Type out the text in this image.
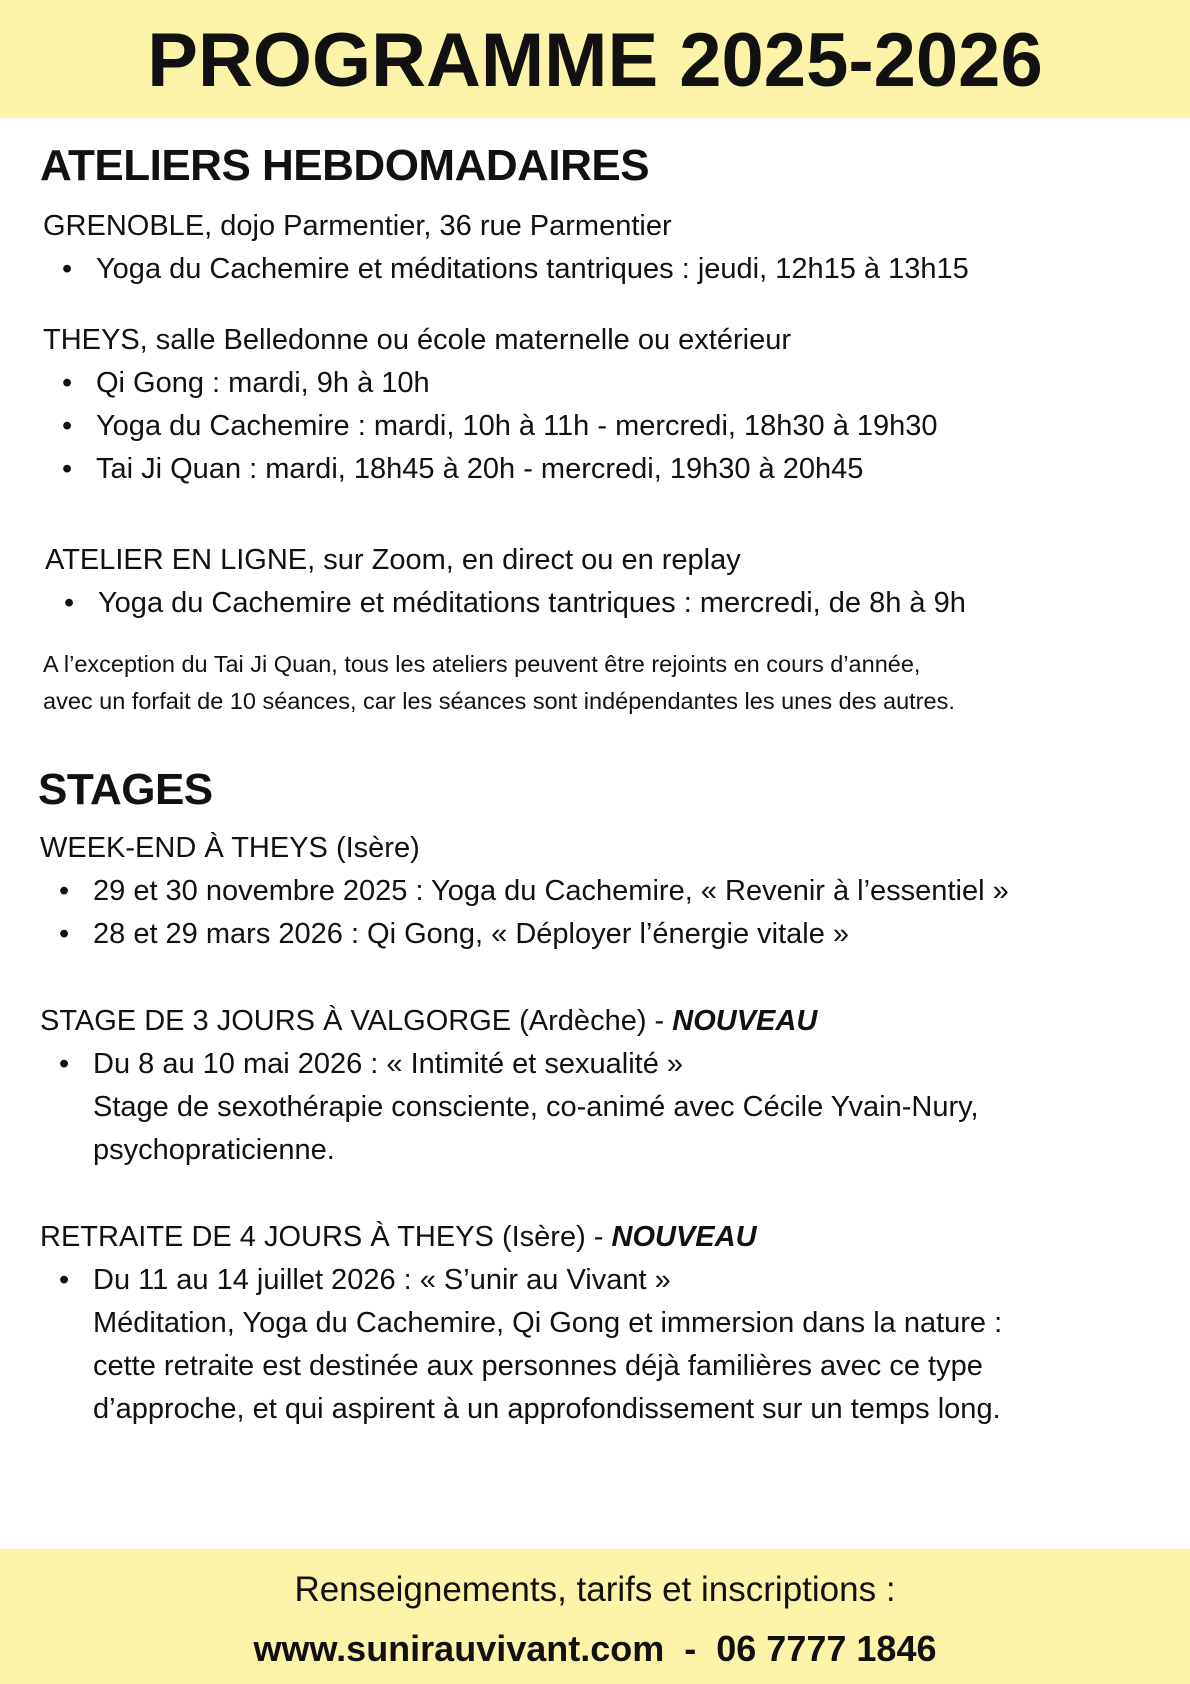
PROGRAMME 2025-2026
ATELIERS HEBDOMADAIRES

GRENOBLE, dojo Parmentier, 36 rue Parmentier

• Yoga du Cachemire et méditations tantriques : jeudi, 12h15 à 13h15

THEYS, salle Belledonne ou école maternelle ou extérieur

• Qi Gong : mardi, 9h à 10h
• Yoga du Cachemire : mardi, 10h à 11h - mercredi, 18h30 à 19h30
• Tai Ji Quan : mardi, 18h45 à 20h - mercredi, 19h30 à 20h45

ATELIER EN LIGNE, sur Zoom, en direct ou en replay

• Yoga du Cachemire et méditations tantriques : mercredi, de 8h à 9h

A l’exception du Tai Ji Quan, tous les ateliers peuvent être rejoints en cours d’année,

avec un forfait de 10 séances, car les séances sont indépendantes les unes des autres.

STAGES

WEEK-END À THEYS (Isère)

• 29 et 30 novembre 2025 : Yoga du Cachemire, « Revenir à l’essentiel »
• 28 et 29 mars 2026 : Qi Gong, « Déployer l’énergie vitale »

STAGE DE 3 JOURS À VALGORGE (Ardèche) - NOUVEAU

• Du 8 au 10 mai 2026 : « Intimité et sexualité »
Stage de sexothérapie consciente, co-animé avec Cécile Yvain-Nury,
psychopraticienne.

RETRAITE DE 4 JOURS À THEYS (Isère) - NOUVEAU

• Du 11 au 14 juillet 2026 : « S’unir au Vivant »
Méditation, Yoga du Cachemire, Qi Gong et immersion dans la nature :
cette retraite est destinée aux personnes déjà familières avec ce type
d’approche, et qui aspirent à un approfondissement sur un temps long.
Renseignements, tarifs et inscriptions :
www.sunirauvivant.com  -  06 7777 1846
